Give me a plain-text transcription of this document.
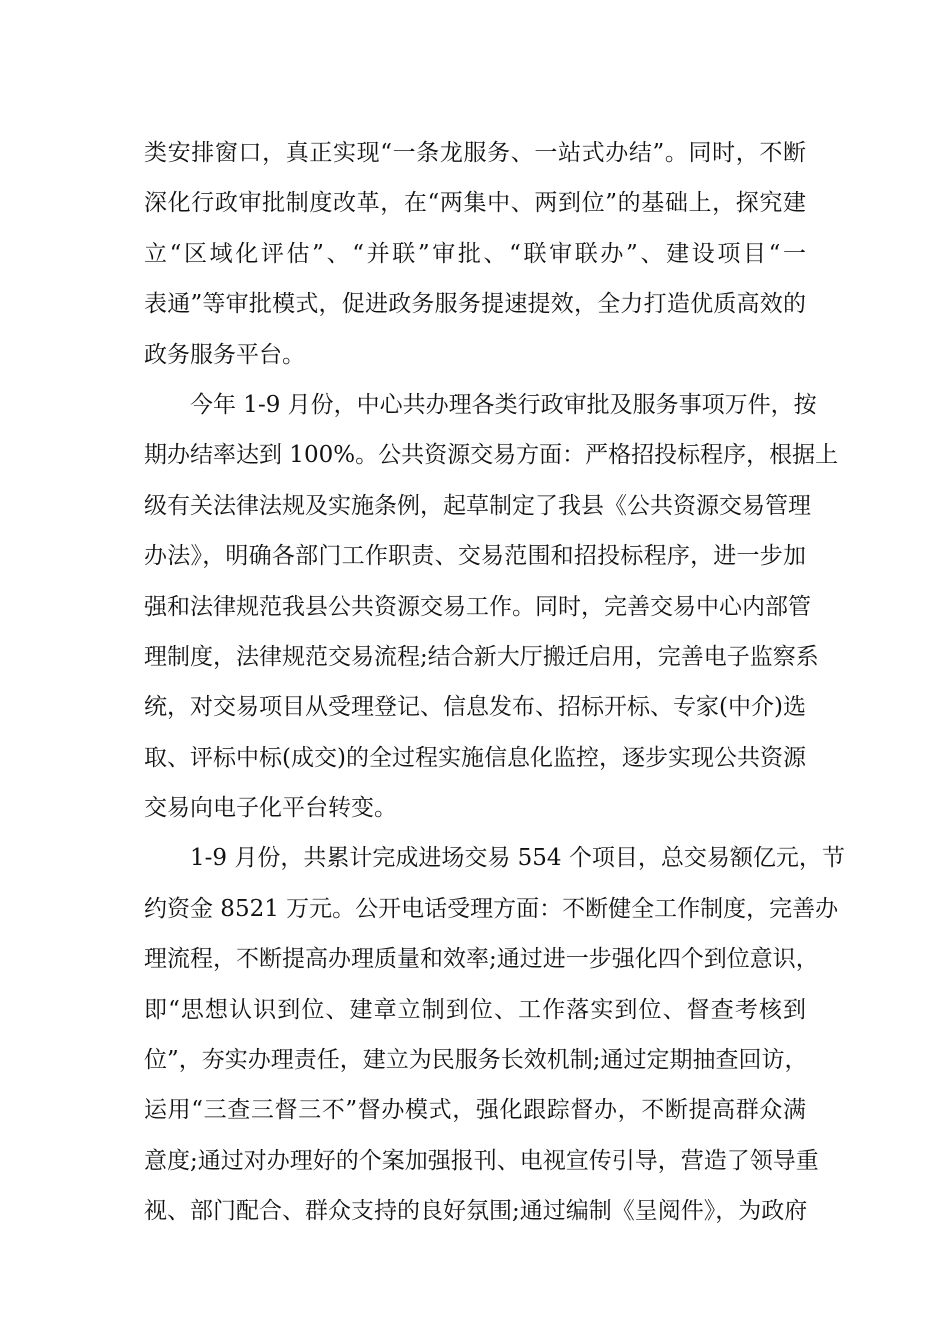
类安排窗口，真正实现“一条龙服务、一站式办结”。同时，不断
深化行政审批制度改革，在“两集中、两到位”的基础上，探究建
立“区域化评估”、“并联”审批、“联审联办”、建设项目“一
表通”等审批模式，促进政务服务提速提效，全力打造优质高效的
政务服务平台。

　　今年 1-9 月份，中心共办理各类行政审批及服务事项万件，按
期办结率达到 100%。公共资源交易方面：严格招投标程序，根据上
级有关法律法规及实施条例，起草制定了我县《公共资源交易管理
办法》，明确各部门工作职责、交易范围和招投标程序，进一步加
强和法律规范我县公共资源交易工作。同时，完善交易中心内部管
理制度，法律规范交易流程;结合新大厅搬迁启用，完善电子监察系
统，对交易项目从受理登记、信息发布、招标开标、专家(中介)选
取、评标中标(成交)的全过程实施信息化监控，逐步实现公共资源
交易向电子化平台转变。

　　1-9 月份，共累计完成进场交易 554 个项目，总交易额亿元，节
约资金 8521 万元。公开电话受理方面：不断健全工作制度，完善办
理流程，不断提高办理质量和效率;通过进一步强化四个到位意识，
即“思想认识到位、建章立制到位、工作落实到位、督查考核到
位”，夯实办理责任，建立为民服务长效机制;通过定期抽查回访，
运用“三查三督三不”督办模式，强化跟踪督办，不断提高群众满
意度;通过对办理好的个案加强报刊、电视宣传引导，营造了领导重
视、部门配合、群众支持的良好氛围;通过编制《呈阅件》，为政府
